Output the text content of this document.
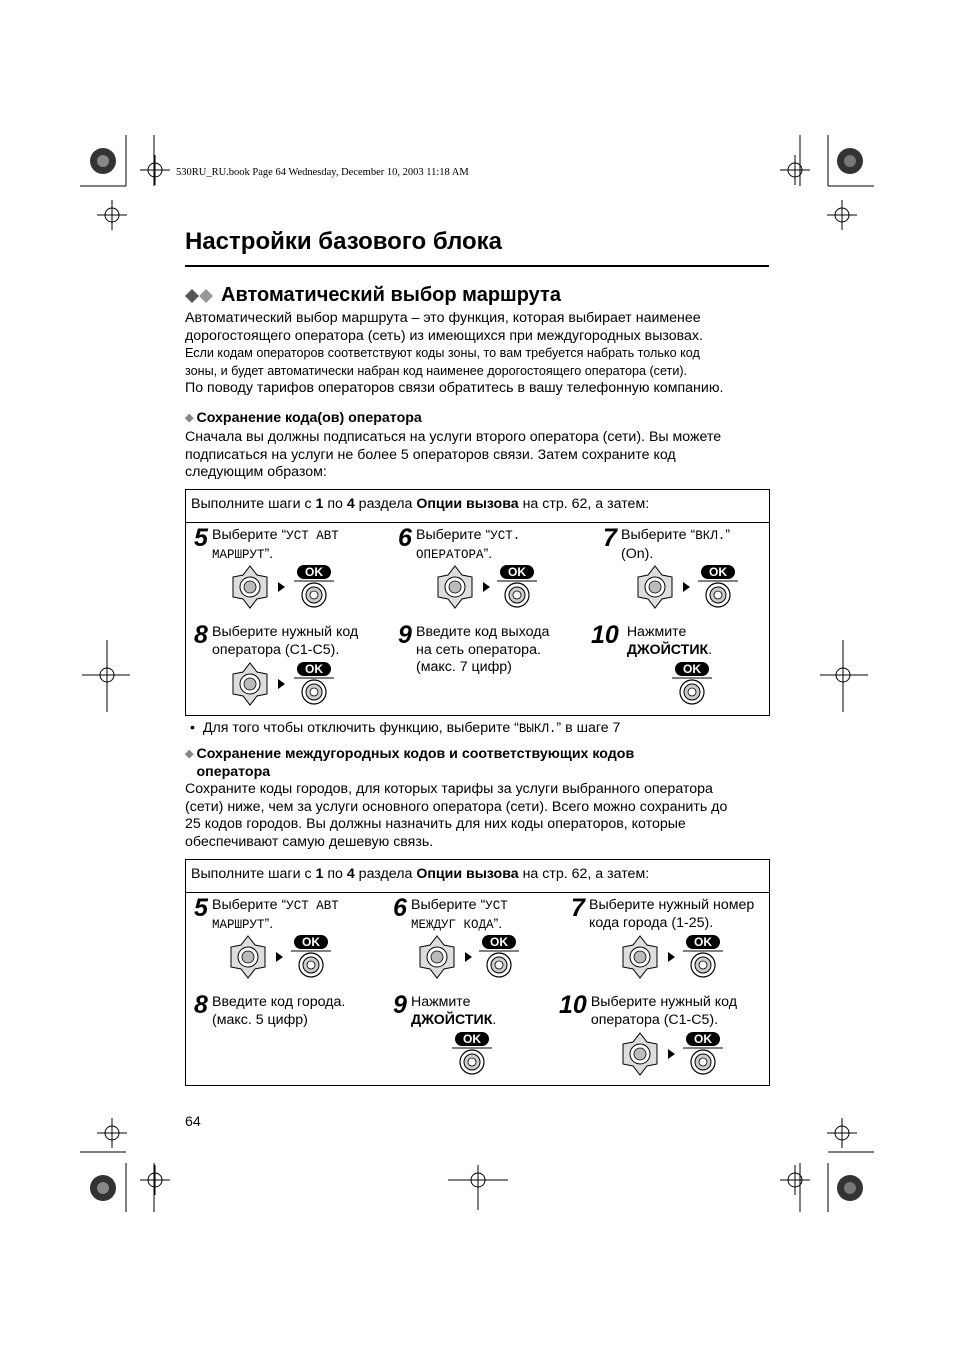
530RU_RU.book Page 64 Wednesday, December 10, 2003 11:18 AM
Настройки базового блока
Автоматический выбор маршрута
Автоматический выбор маршрута – это функция, которая выбирает наименее
дорогостоящего оператора (сеть) из имеющихся при междугородных вызовах.
Если кодам операторов соответствуют коды зоны, то вам требуется набрать только код
зоны, и будет автоматически набран код наименее дорогостоящего оператора (сети).
По поводу тарифов операторов связи обратитесь в вашу телефонную компанию.
◆ Сохранение кода(ов) оператора
Сначала вы должны подписаться на услуги второго оператора (сети). Вы можете
подписаться на услуги не более 5 операторов связи. Затем сохраните код
следующим образом:
Выполните шаги с 1 по 4 раздела Опции вызова на стр. 62, а затем:
5 Выберите “УСТ АВТ
МАРШРУТ”.
6 Выберите “УСТ.
ОПЕРАТОРА”.
7 Выберите “ВКЛ.”
(On).
8 Выберите нужный код
оператора (C1-C5).
9 Введите код выхода
на сеть оператора.
(макс. 7 цифр)
10 Нажмите
ДЖОЙСТИК.
• Для того чтобы отключить функцию, выберите “ВЫКЛ.” в шаге 7
◆ Сохранение междугородных кодов и соответствующих кодов
оператора
Сохраните коды городов, для которых тарифы за услуги выбранного оператора
(сети) ниже, чем за услуги основного оператора (сети). Всего можно сохранить до
25 кодов городов. Вы должны назначить для них коды операторов, которые
обеспечивают самую дешевую связь.
Выполните шаги с 1 по 4 раздела Опции вызова на стр. 62, а затем:
5 Выберите “УСТ АВТ
МАРШРУТ”.
6 Выберите “УСТ
МЕЖДУГ КОДА”.
7 Выберите нужный номер
кода города (1-25).
8 Введите код города.
(макс. 5 цифр)
9 Нажмите
ДЖОЙСТИК.
10 Выберите нужный код
оператора (C1-C5).
64
OK	OK	OK
OK	OK
OK	OK	OK
OK	OK
